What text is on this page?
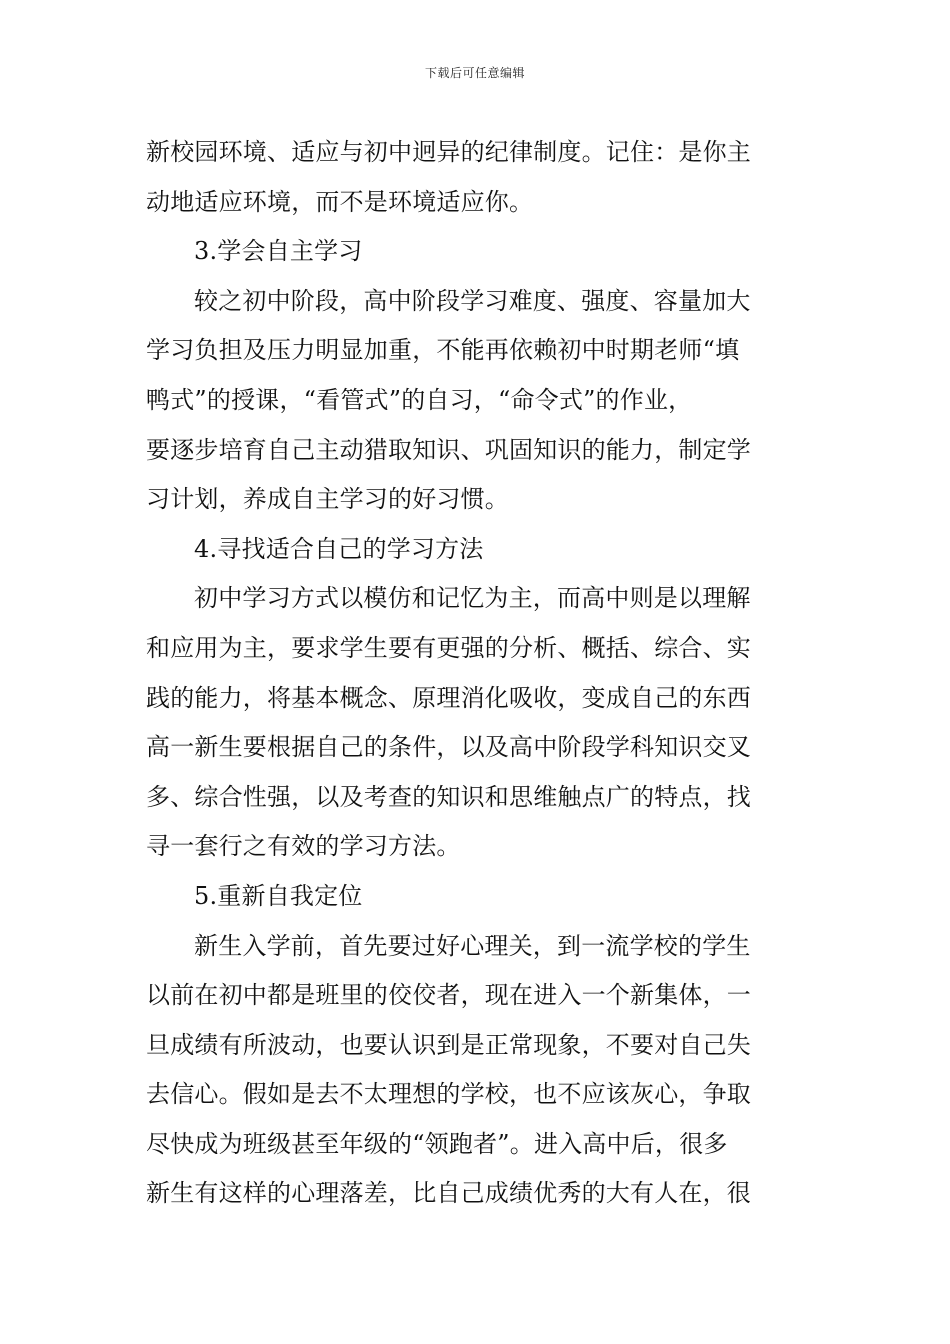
下载后可任意编辑
新校园环境、适应与初中迥异的纪律制度。记住：是你主
动地适应环境，而不是环境适应你。
3.学会自主学习
较之初中阶段，高中阶段学习难度、强度、容量加大
学习负担及压力明显加重，不能再依赖初中时期老师“填
鸭式”的授课，“看管式”的自习，“命令式”的作业，
要逐步培育自己主动猎取知识、巩固知识的能力，制定学
习计划，养成自主学习的好习惯。
4.寻找适合自己的学习方法
初中学习方式以模仿和记忆为主，而高中则是以理解
和应用为主，要求学生要有更强的分析、概括、综合、实
践的能力，将基本概念、原理消化吸收，变成自己的东西
高一新生要根据自己的条件，以及高中阶段学科知识交叉
多、综合性强，以及考查的知识和思维触点广的特点，找
寻一套行之有效的学习方法。
5.重新自我定位
新生入学前，首先要过好心理关，到一流学校的学生
以前在初中都是班里的佼佼者，现在进入一个新集体，一
旦成绩有所波动，也要认识到是正常现象，不要对自己失
去信心。假如是去不太理想的学校，也不应该灰心，争取
尽快成为班级甚至年级的“领跑者”。进入高中后，很多
新生有这样的心理落差，比自己成绩优秀的大有人在，很
